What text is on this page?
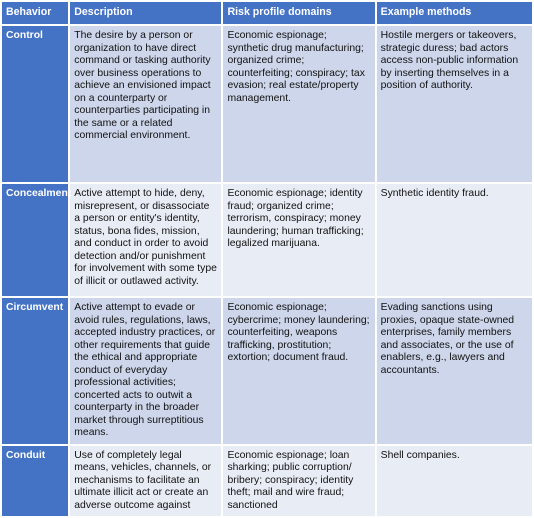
Behavior	Description	Risk profile domains	Example methods
Control	The desire by a person or organization to have direct command or tasking authority over business operations to achieve an envisioned impact on a counterparty or counterparties participating in the same or a related commercial environment.	Economic espionage; synthetic drug manufacturing; organized crime; counterfeiting; conspiracy; tax evasion; real estate/property management.	Hostile mergers or takeovers, strategic duress; bad actors access non-public information by inserting themselves in a position of authority.
Concealment	Active attempt to hide, deny, misrepresent, or disassociate a person or entity's identity, status, bona fides, mission, and conduct in order to avoid detection and/or punishment for involvement with some type of illicit or outlawed activity.	Economic espionage; identity fraud; organized crime; terrorism, conspiracy; money laundering; human trafficking; legalized marijuana.	Synthetic identity fraud.
Circumvent	Active attempt to evade or avoid rules, regulations, laws, accepted industry practices, or other requirements that guide the ethical and appropriate conduct of everyday professional activities; concerted acts to outwit a counterparty in the broader market through surreptitious means.	Economic espionage; cybercrime; money laundering; counterfeiting, weapons trafficking, prostitution; extortion; document fraud.	Evading sanctions using proxies, opaque state-owned enterprises, family members and associates, or the use of enablers, e.g., lawyers and accountants.
Conduit	Use of completely legal means, vehicles, channels, or mechanisms to facilitate an ultimate illicit act or create an adverse outcome against	Economic espionage; loan sharking; public corruption/ bribery; conspiracy; identity theft; mail and wire fraud; sanctioned	Shell companies.
